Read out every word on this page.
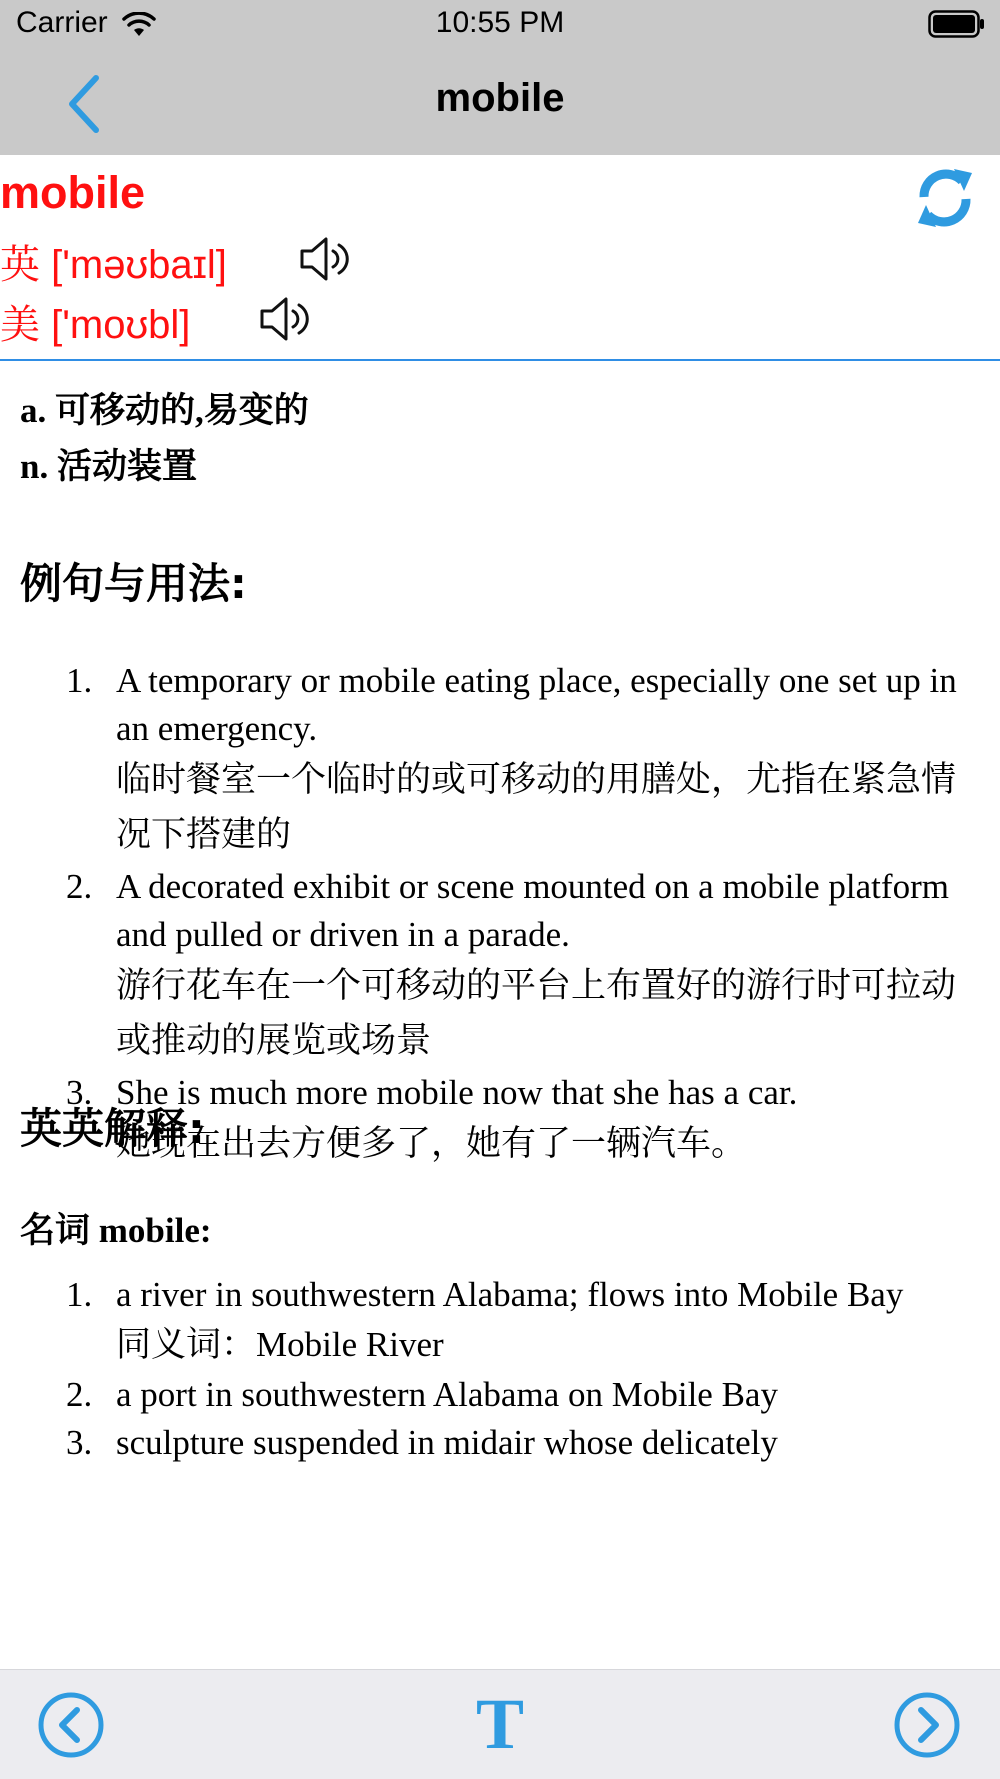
Carrier	10:55 PM
mobile
mobile
英 ['məʊbaɪl]
美 ['moʊbl]
a. 可移动的,易变的
n. 活动装置
例句与用法:
1. A temporary or mobile eating place, especially one set up in an emergency.
临时餐室一个临时的或可移动的用膳处，尤指在紧急情况下搭建的
2. A decorated exhibit or scene mounted on a mobile platform and pulled or driven in a parade.
游行花车在一个可移动的平台上布置好的游行时可拉动或推动的展览或场景
3. She is much more mobile now that she has a car.
她现在出去方便多了，她有了一辆汽车。
英英解释:
名词 mobile:
1. a river in southwestern Alabama; flows into Mobile Bay
同义词：Mobile River
2. a port in southwestern Alabama on Mobile Bay
3. sculpture suspended in midair whose delicately
T
